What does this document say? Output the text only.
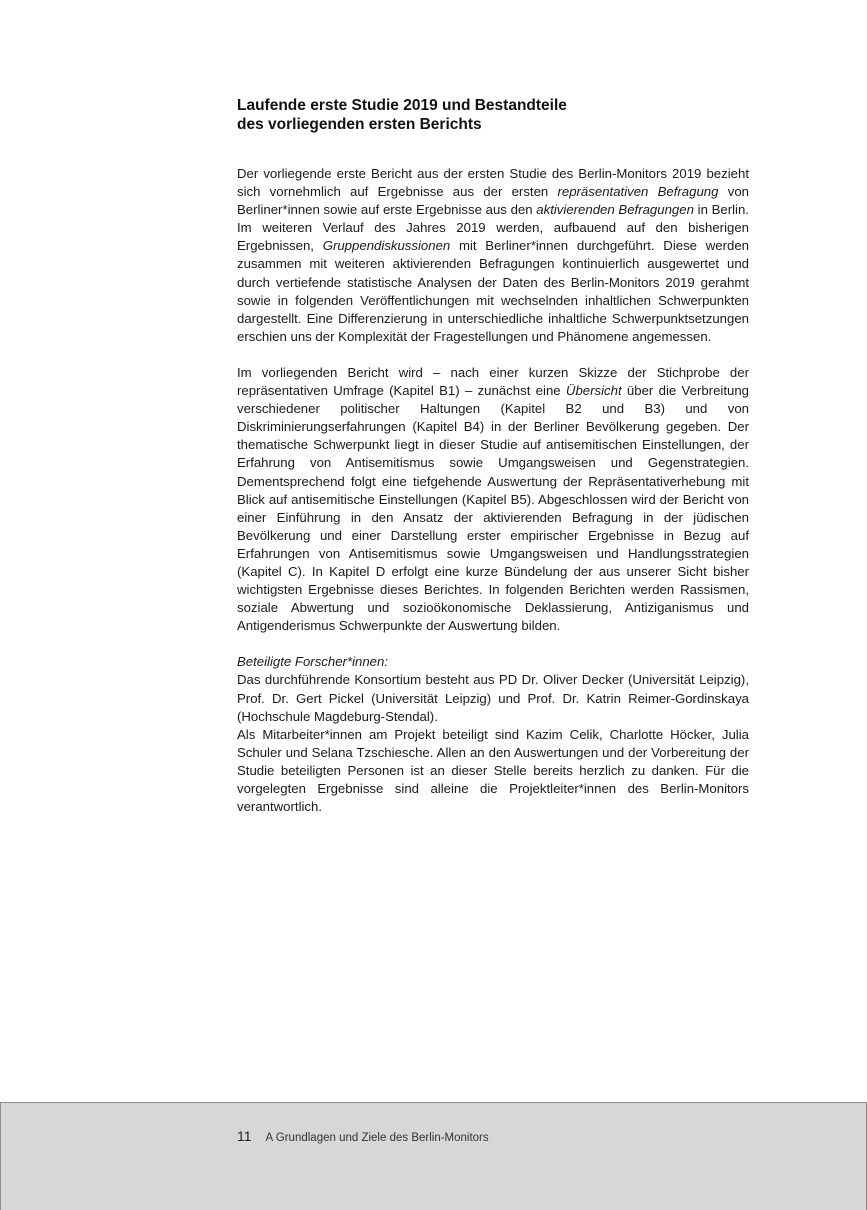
Laufende erste Studie 2019 und Bestandteile
des vorliegenden ersten Berichts

Der vorliegende erste Bericht aus der ersten Studie des Berlin-Monitors 2019 bezieht sich vornehmlich auf Ergebnisse aus der ersten repräsentativen Befragung von Berliner*innen sowie auf erste Ergebnisse aus den aktivierenden Befragungen in Berlin. Im weiteren Verlauf des Jahres 2019 werden, aufbauend auf den bisherigen Ergebnissen, Gruppendiskussionen mit Berliner*innen durchgeführt. Diese werden zusammen mit weiteren aktivierenden Befragungen kontinuierlich ausgewertet und durch vertiefende statistische Analysen der Daten des Berlin-Monitors 2019 gerahmt sowie in folgenden Veröffentlichungen mit wechselnden inhaltlichen Schwerpunkten dargestellt. Eine Differenzierung in unterschiedliche inhaltliche Schwerpunktsetzungen erschien uns der Komplexität der Fragestellungen und Phänomene angemessen.

Im vorliegenden Bericht wird – nach einer kurzen Skizze der Stichprobe der repräsentativen Umfrage (Kapitel B1) – zunächst eine Übersicht über die Verbreitung verschiedener politischer Haltungen (Kapitel B2 und B3) und von Diskriminierungserfahrungen (Kapitel B4) in der Berliner Bevölkerung gegeben. Der thematische Schwerpunkt liegt in dieser Studie auf antisemitischen Einstellungen, der Erfahrung von Antisemitismus sowie Umgangsweisen und Gegenstrategien. Dementsprechend folgt eine tiefgehende Auswertung der Repräsentativerhebung mit Blick auf antisemitische Einstellungen (Kapitel B5). Abgeschlossen wird der Bericht von einer Einführung in den Ansatz der aktivierenden Befragung in der jüdischen Bevölkerung und einer Darstellung erster empirischer Ergebnisse in Bezug auf Erfahrungen von Antisemitismus sowie Umgangsweisen und Handlungsstrategien (Kapitel C). In Kapitel D erfolgt eine kurze Bündelung der aus unserer Sicht bisher wichtigsten Ergebnisse dieses Berichtes. In folgenden Berichten werden Rassismen, soziale Abwertung und sozioökonomische Deklassierung, Antiziganismus und Antigenderismus Schwerpunkte der Auswertung bilden.

Beteiligte Forscher*innen:

Das durchführende Konsortium besteht aus PD Dr. Oliver Decker (Universität Leipzig), Prof. Dr. Gert Pickel (Universität Leipzig) und Prof. Dr. Katrin Reimer-Gordinskaya (Hochschule Magdeburg-Stendal).

Als Mitarbeiter*innen am Projekt beteiligt sind Kazim Celik, Charlotte Höcker, Julia Schuler und Selana Tzschiesche. Allen an den Auswertungen und der Vorbereitung der Studie beteiligten Personen ist an dieser Stelle bereits herzlich zu danken. Für die vorgelegten Ergebnisse sind alleine die Projektleiter*innen des Berlin-Monitors verantwortlich.

11 A Grundlagen und Ziele des Berlin-Monitors
